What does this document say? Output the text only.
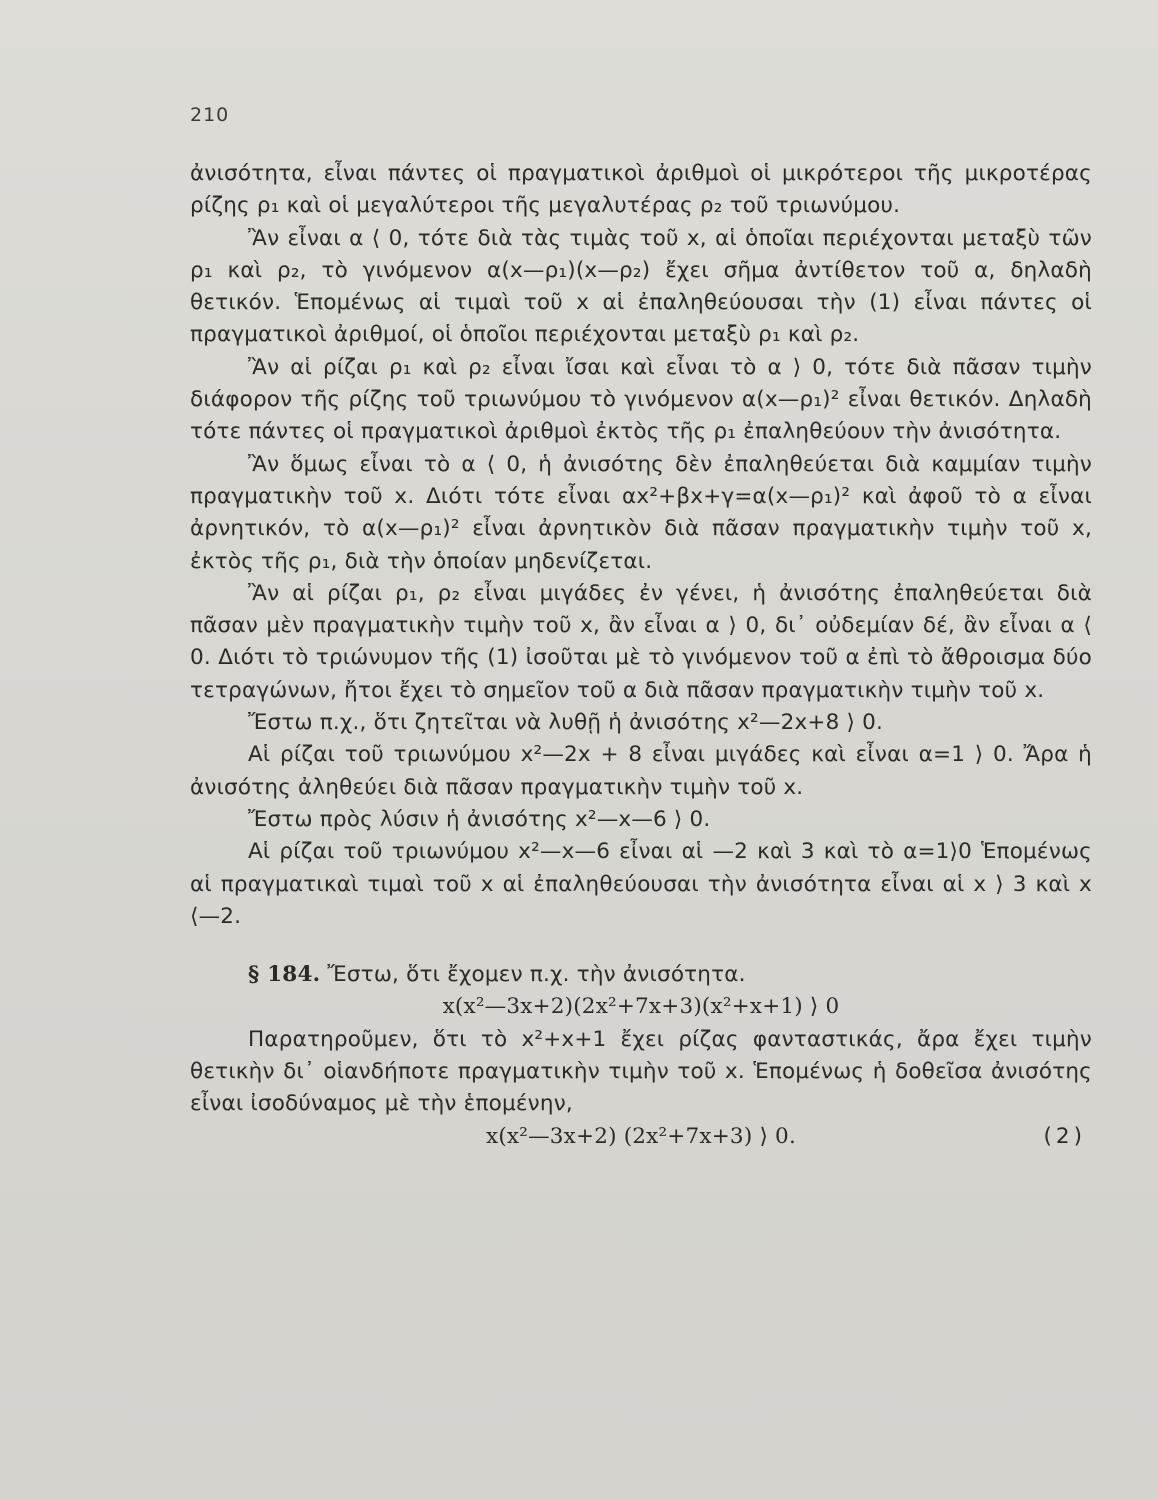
210

ἀνισότητα, εἶναι πάντες οἱ πραγματικοὶ ἀριθμοὶ οἱ μικρότεροι τῆς μικροτέρας ρίζης ρ₁ καὶ οἱ μεγαλύτεροι τῆς μεγαλυτέρας ρ₂ τοῦ τριωνύμου.

Ἂν εἶναι α ⟨ 0, τότε διὰ τὰς τιμὰς τοῦ x, αἱ ὁποῖαι περιέχονται μεταξὺ τῶν ρ₁ καὶ ρ₂, τὸ γινόμενον α(x—ρ₁)(x—ρ₂) ἔχει σῆμα ἀντίθετον τοῦ α, δηλαδὴ θετικόν. Ἑπομένως αἱ τιμαὶ τοῦ x αἱ ἐπαληθεύουσαι τὴν (1) εἶναι πάντες οἱ πραγματικοὶ ἀριθμοί, οἱ ὁποῖοι περιέχονται μεταξὺ ρ₁ καὶ ρ₂.

Ἂν αἱ ρίζαι ρ₁ καὶ ρ₂ εἶναι ἴσαι καὶ εἶναι τὸ α ⟩ 0, τότε διὰ πᾶσαν τιμὴν διάφορον τῆς ρίζης τοῦ τριωνύμου τὸ γινόμενον α(x—ρ₁)² εἶναι θετικόν. Δηλαδὴ τότε πάντες οἱ πραγματικοὶ ἀριθμοὶ ἐκτὸς τῆς ρ₁ ἐπαληθεύουν τὴν ἀνισότητα.

Ἂν ὅμως εἶναι τὸ α ⟨ 0, ἡ ἀνισότης δὲν ἐπαληθεύεται διὰ καμμίαν τιμὴν πραγματικὴν τοῦ x. Διότι τότε εἶναι αx²+βx+γ=α(x—ρ₁)² καὶ ἀφοῦ τὸ α εἶναι ἀρνητικόν, τὸ α(x—ρ₁)² εἶναι ἀρνητικὸν διὰ πᾶσαν πραγματικὴν τιμὴν τοῦ x, ἐκτὸς τῆς ρ₁, διὰ τὴν ὁποίαν μηδενίζεται.

Ἂν αἱ ρίζαι ρ₁, ρ₂ εἶναι μιγάδες ἐν γένει, ἡ ἀνισότης ἐπαληθεύεται διὰ πᾶσαν μὲν πραγματικὴν τιμὴν τοῦ x, ἂν εἶναι α ⟩ 0, δι᾿ οὐδεμίαν δέ, ἂν εἶναι α ⟨ 0. Διότι τὸ τριώνυμον τῆς (1) ἰσοῦται μὲ τὸ γινόμενον τοῦ α ἐπὶ τὸ ἄθροισμα δύο τετραγώνων, ἤτοι ἔχει τὸ σημεῖον τοῦ α διὰ πᾶσαν πραγματικὴν τιμὴν τοῦ x.

Ἔστω π.χ., ὅτι ζητεῖται νὰ λυθῇ ἡ ἀνισότης x²—2x+8 ⟩ 0.

Αἱ ρίζαι τοῦ τριωνύμου x²—2x + 8 εἶναι μιγάδες καὶ εἶναι α=1 ⟩ 0. Ἄρα ἡ ἀνισότης ἀληθεύει διὰ πᾶσαν πραγματικὴν τιμὴν τοῦ x.

Ἔστω πρὸς λύσιν ἡ ἀνισότης x²—x—6 ⟩ 0.

Αἱ ρίζαι τοῦ τριωνύμου x²—x—6 εἶναι αἱ —2 καὶ 3 καὶ τὸ α=1⟩0 Ἑπομένως αἱ πραγματικαὶ τιμαὶ τοῦ x αἱ ἐπαληθεύουσαι τὴν ἀνισότητα εἶναι αἱ x ⟩ 3 καὶ x ⟨—2.

§ 184. Ἔστω, ὅτι ἔχομεν π.χ. τὴν ἀνισότητα.

x(x²—3x+2)(2x²+7x+3)(x²+x+1) ⟩ 0

Παρατηροῦμεν, ὅτι τὸ x²+x+1 ἔχει ρίζας φανταστικάς, ἄρα ἔχει τιμὴν θετικὴν δι᾿ οἱανδήποτε πραγματικὴν τιμὴν τοῦ x. Ἑπομένως ἡ δοθεῖσα ἀνισότης εἶναι ἰσοδύναμος μὲ τὴν ἑπομένην,

x(x²—3x+2) (2x²+7x+3) ⟩ 0.	(2)
